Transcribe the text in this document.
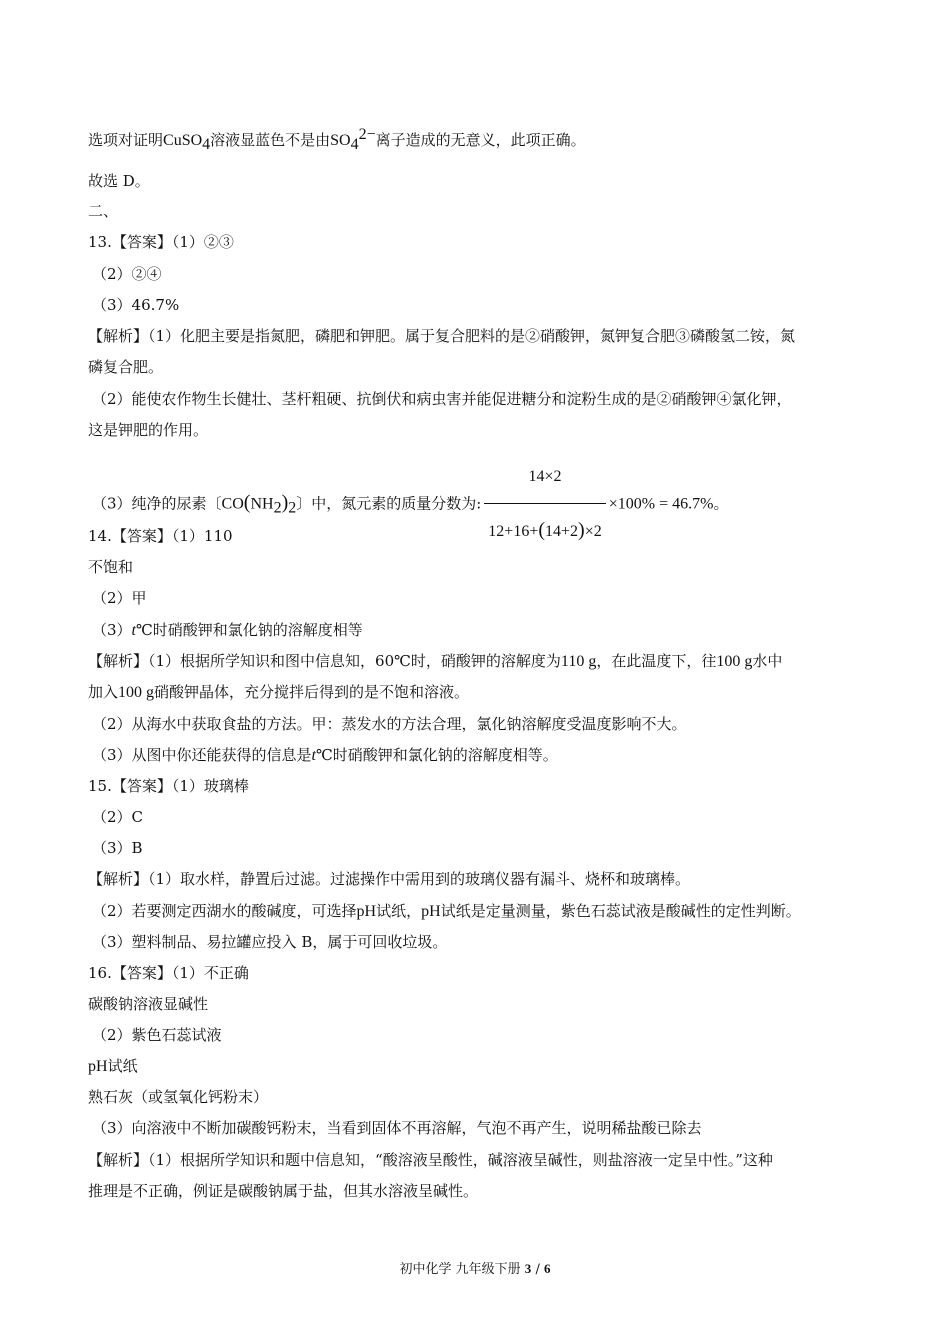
选项对证明CuSO$_4$溶液显蓝色不是由$SO_4^{2-}$离子造成的无意义，此项正确。
故选 D。
二、
13.【答案】（1）②③
（2）②④
（3）46.7%
【解析】（1）化肥主要是指氮肥，磷肥和钾肥。属于复合肥料的是②硝酸钾，氮钾复合肥③磷酸氢二铵，氮
磷复合肥。
（2）能使农作物生长健壮、茎杆粗硬、抗倒伏和病虫害并能促进糖分和淀粉生成的是②硝酸钾④氯化钾，
这是钾肥的作用。
（3）纯净的尿素〔$CO(NH_2)_2$〕中，氮元素的质量分数为: $\frac{14\times 2}{12+16+(14+2)\times 2} \times 100\% = 46.7\%$。
14.【答案】（1）110
不饱和
（2）甲
（3）t℃时硝酸钾和氯化钠的溶解度相等
【解析】（1）根据所学知识和图中信息知，60℃时，硝酸钾的溶解度为110 g，在此温度下，往100 g水中
加入100 g硝酸钾晶体，充分搅拌后得到的是不饱和溶液。
（2）从海水中获取食盐的方法。甲：蒸发水的方法合理，氯化钠溶解度受温度影响不大。
（3）从图中你还能获得的信息是t℃时硝酸钾和氯化钠的溶解度相等。
15.【答案】（1）玻璃棒
（2）C
（3）B
【解析】（1）取水样，静置后过滤。过滤操作中需用到的玻璃仪器有漏斗、烧杯和玻璃棒。
（2）若要测定西湖水的酸碱度，可选择pH试纸，pH试纸是定量测量，紫色石蕊试液是酸碱性的定性判断。
（3）塑料制品、易拉罐应投入 B，属于可回收垃圾。
16.【答案】（1）不正确
碳酸钠溶液显碱性
（2）紫色石蕊试液
pH试纸
熟石灰（或氢氧化钙粉末）
（3）向溶液中不断加碳酸钙粉末，当看到固体不再溶解，气泡不再产生，说明稀盐酸已除去
【解析】（1）根据所学知识和题中信息知，“酸溶液呈酸性，碱溶液呈碱性，则盐溶液一定呈中性。”这种
推理是不正确，例证是碳酸钠属于盐，但其水溶液呈碱性。
初中化学 九年级下册 3 / 6
